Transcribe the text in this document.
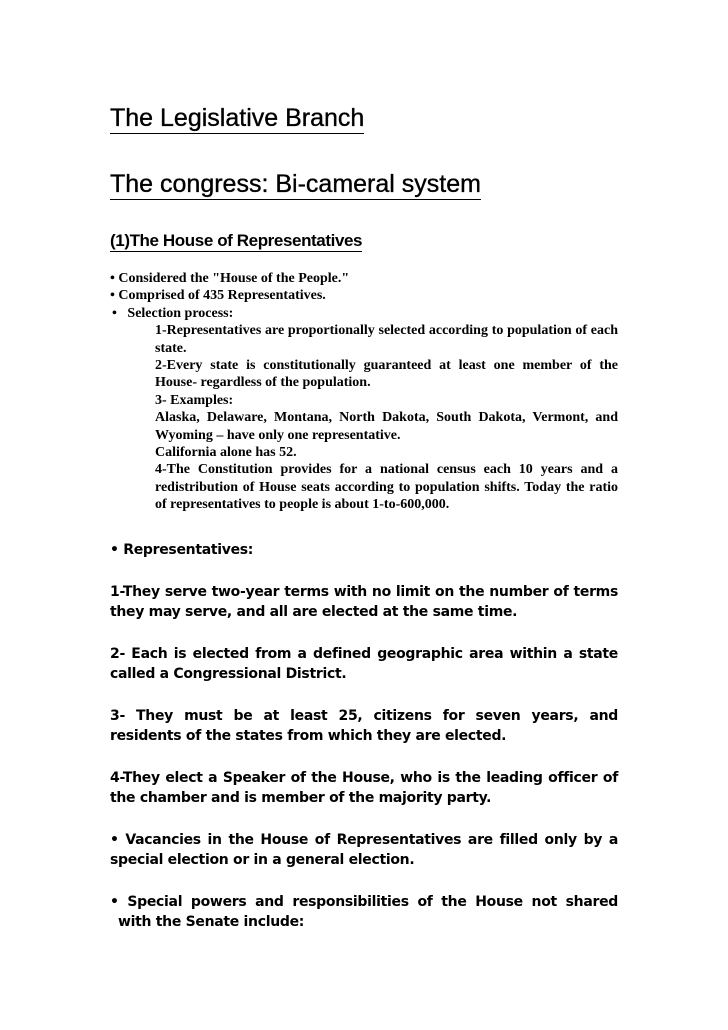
The Legislative Branch
The congress: Bi-cameral system
(1)The House of Representatives
• Considered the "House of the People."
• Comprised of 435 Representatives.
•   Selection process:
1-Representatives are proportionally selected according to population of each state.
2-Every state is constitutionally guaranteed at least one member of the House- regardless of the population.
3- Examples:
Alaska, Delaware, Montana, North Dakota, South Dakota, Vermont, and Wyoming – have only one representative.
California alone has 52.
4-The Constitution provides for a national census each 10 years and a redistribution of House seats according to population shifts. Today the ratio of representatives to people is about 1-to-600,000.

• Representatives:

1-They serve two-year terms with no limit on the number of terms they may serve, and all are elected at the same time.

2- Each is elected from a defined geographic area within a state called a Congressional District.

3- They must be at least 25, citizens for seven years, and residents of the states from which they are elected.

4-They elect a Speaker of the House, who is the leading officer of the chamber and is member of the majority party.

• Vacancies in the House of Representatives are filled only by a special election or in a general election.

• Special powers and responsibilities of the House not shared with the Senate include:
